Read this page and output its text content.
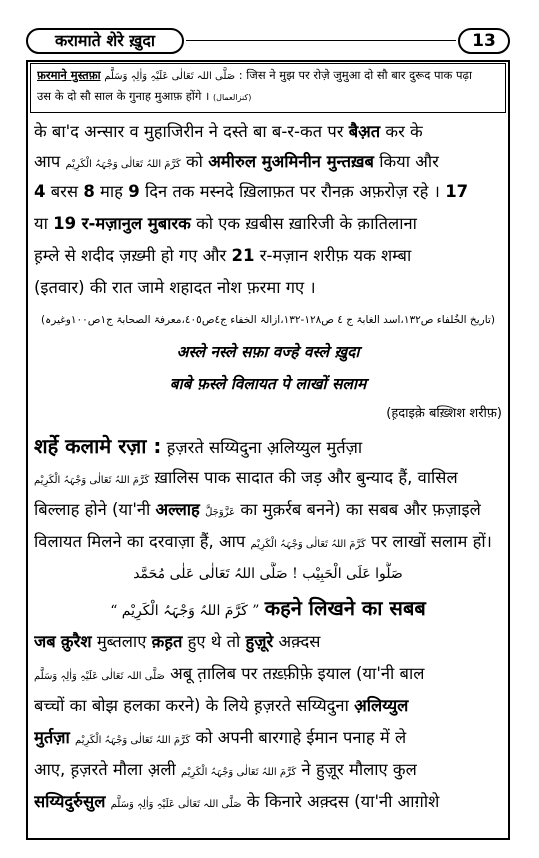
करामाते शेरे ख़ुदा	13
फ़रमाने मुस्तफ़ा صَلَّی اللہ تَعَالٰی عَلَیْہِ وَاٰلِہٖ وَسَلَّم : जिस ने मुझ पर रोज़े जुमुआ दो सौ बार दुरूद पाक पढ़ा
उस के दो सौ साल के गुनाह मुआफ़ होंगे । (کنزالعمال)
के बा'द अन्सार व मुहाजिरीन ने दस्ते बा ब-र-कत पर बैअ़त कर के
आप کَرَّمَ اللہُ تَعَالٰی وَجْہَہُ الْکَرِیْم को अमीरुल मुअमिनीन मुन्तख़ब किया और
4 बरस 8 माह 9 दिन तक मस्नदे ख़िलाफ़त पर रौनक़ अफ़रोज़ रहे । 17
या 19 र-मज़ानुल मुबारक को एक ख़बीस ख़ारिजी के क़ातिलाना
ह़म्ले से शदीद ज़ख़्मी हो गए और 21 र-मज़ान शरीफ़ यक शम्बा
(इतवार) की रात जामे शहादत नोश फ़रमा गए ।
(تاریخ الخُلفاء ص۱۳۲،اسد الغابۃ ج ٤ ص۱۲۸-۱۳۲،ازالۃ الخفاء ج٤ص٤٠٥،معرفۃ الصحابۃ ج۱ص۱۰۰وغیرہ)
अस्ले नस्ले सफ़ा वज्हे वस्ले ख़ुदा
बाबे फ़स्ले विलायत पे लाखों सलाम
(ह़दाइक़े बख़्शिश शरीफ़)
शर्हे कलामे रज़ा : ह़ज़रते सय्यिदुना अ़लिय्युल मुर्तज़ा
کَرَّمَ اللہُ تَعَالٰی وَجْہَہُ الْکَرِیْم ख़ालिस पाक सादात की जड़ और बुन्याद हैं, वासिल
बिल्लाह होने (या'नी अल्लाह عَزَّوَجَلَّ का मुक़र्रब बनने) का सबब और फ़ज़ाइले
विलायत मिलने का दरवाज़ा हैं, आप کَرَّمَ اللہُ تَعَالٰی وَجْہَہُ الْکَرِیْم पर लाखों सलाम हों।
صَلُّوا عَلَی الْحَبِیْب ! صَلَّی اللہُ تَعَالٰی عَلٰی مُحَمَّد
“ کَرَّمَ اللہُ وَجْہَہُ الْکَرِیْم ” कहने लिखने का सबब
जब क़ुरैश मुब्तलाए क़ह़त हुए थे तो हुज़ूरे अक़्दस
صَلَّی اللہ تَعَالٰی عَلَیْہِ وَاٰلِہٖ وَسَلَّم अबू त़ालिब पर तख़्फ़ीफ़े इयाल (या'नी बाल
बच्चों का बोझ हलका करने) के लिये ह़ज़रते सय्यिदुना अ़लिय्युल
मुर्तज़ा کَرَّمَ اللہُ تَعَالٰی وَجْہَہُ الْکَرِیْم को अपनी बारगाहे ईमान पनाह में ले
आए, ह़ज़रते मौला अ़ली کَرَّمَ اللہُ تَعَالٰی وَجْہَہُ الْکَرِیْم ने हुज़ूर मौलाए कुल
सय्यिदुर्रुसुल صَلَّی اللہ تَعَالٰی عَلَیْہِ وَاٰلِہٖ وَسَلَّم के किनारे अक़्दस (या'नी आग़ोशे
